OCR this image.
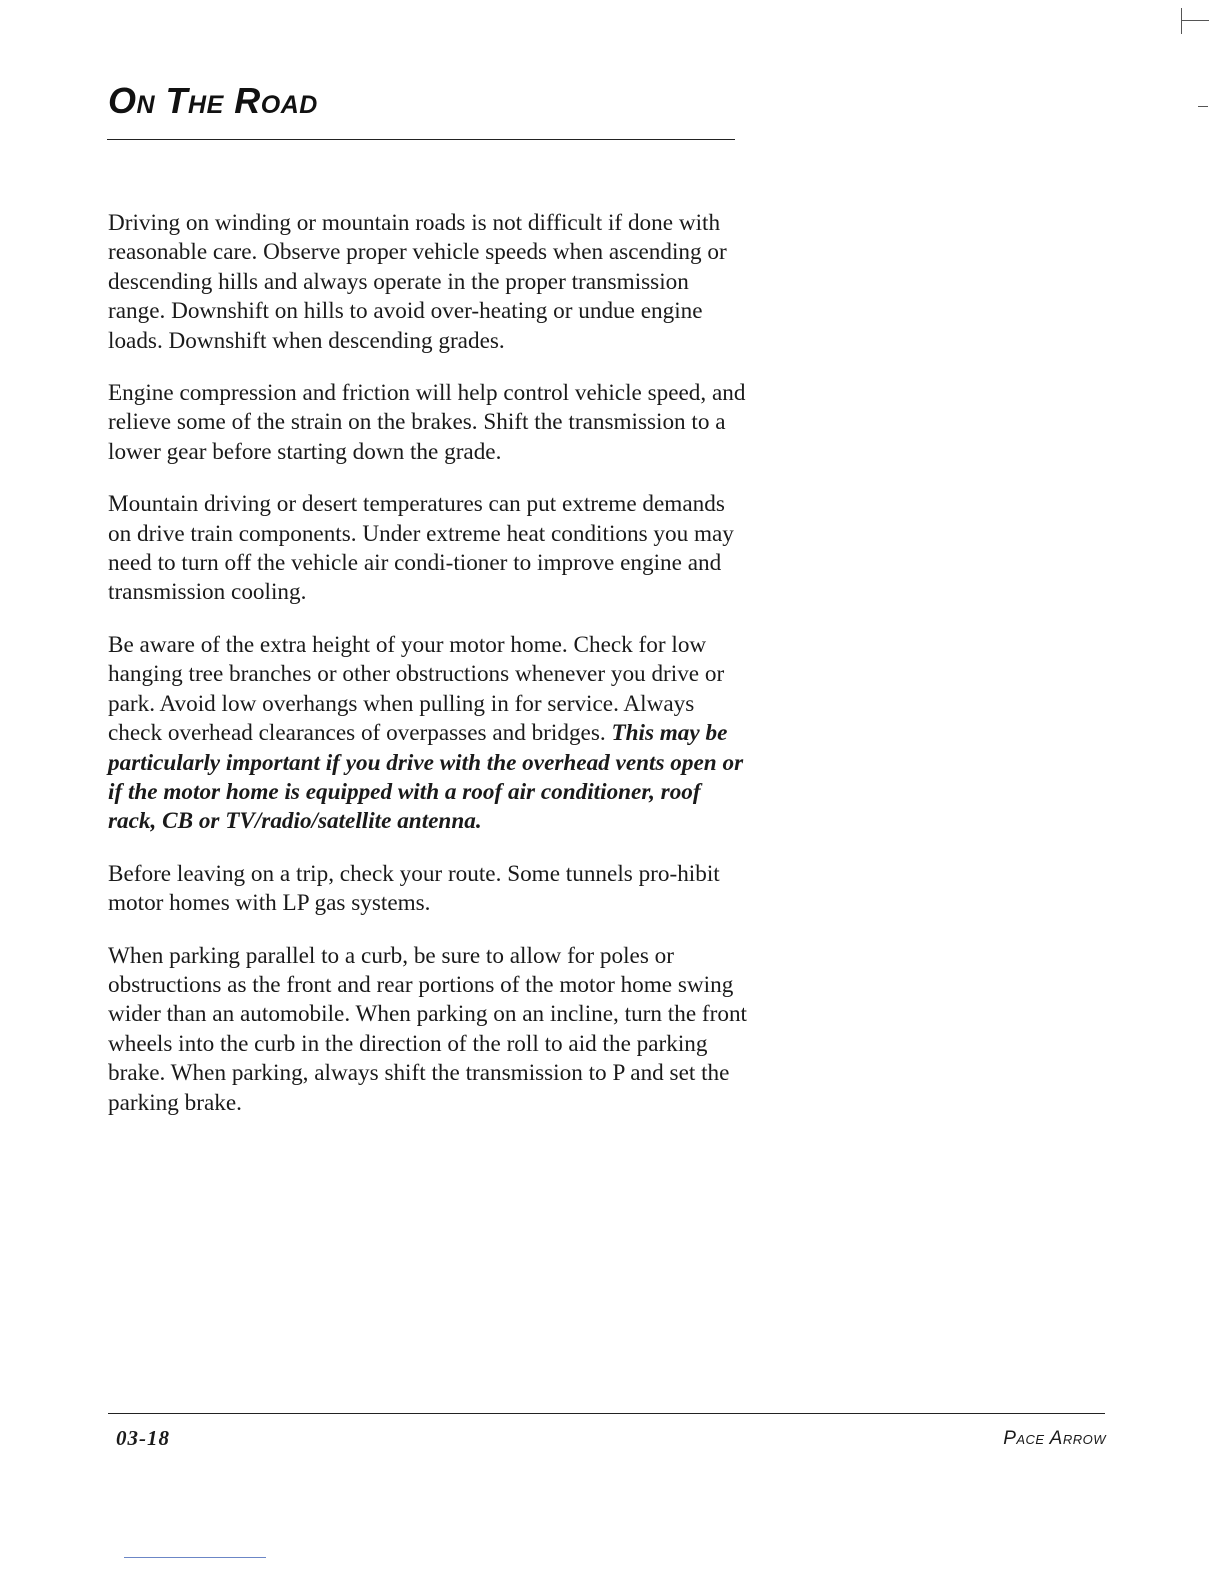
On The Road

Driving on winding or mountain roads is not difficult if done with reasonable care. Observe proper vehicle speeds when ascending or descending hills and always operate in the proper transmission range. Downshift on hills to avoid over-heating or undue engine loads. Downshift when descending grades.

Engine compression and friction will help control vehicle speed, and relieve some of the strain on the brakes. Shift the transmission to a lower gear before starting down the grade.

Mountain driving or desert temperatures can put extreme demands on drive train components. Under extreme heat conditions you may need to turn off the vehicle air condi-tioner to improve engine and transmission cooling.

Be aware of the extra height of your motor home. Check for low hanging tree branches or other obstructions whenever you drive or park. Avoid low overhangs when pulling in for service. Always check overhead clearances of overpasses and bridges. This may be particularly important if you drive with the overhead vents open or if the motor home is equipped with a roof air conditioner, roof rack, CB or TV/radio/satellite antenna.

Before leaving on a trip, check your route. Some tunnels pro-hibit motor homes with LP gas systems.

When parking parallel to a curb, be sure to allow for poles or obstructions as the front and rear portions of the motor home swing wider than an automobile. When parking on an incline, turn the front wheels into the curb in the direction of the roll to aid the parking brake. When parking, always shift the transmission to P and set the parking brake.

03-18	Pace Arrow
